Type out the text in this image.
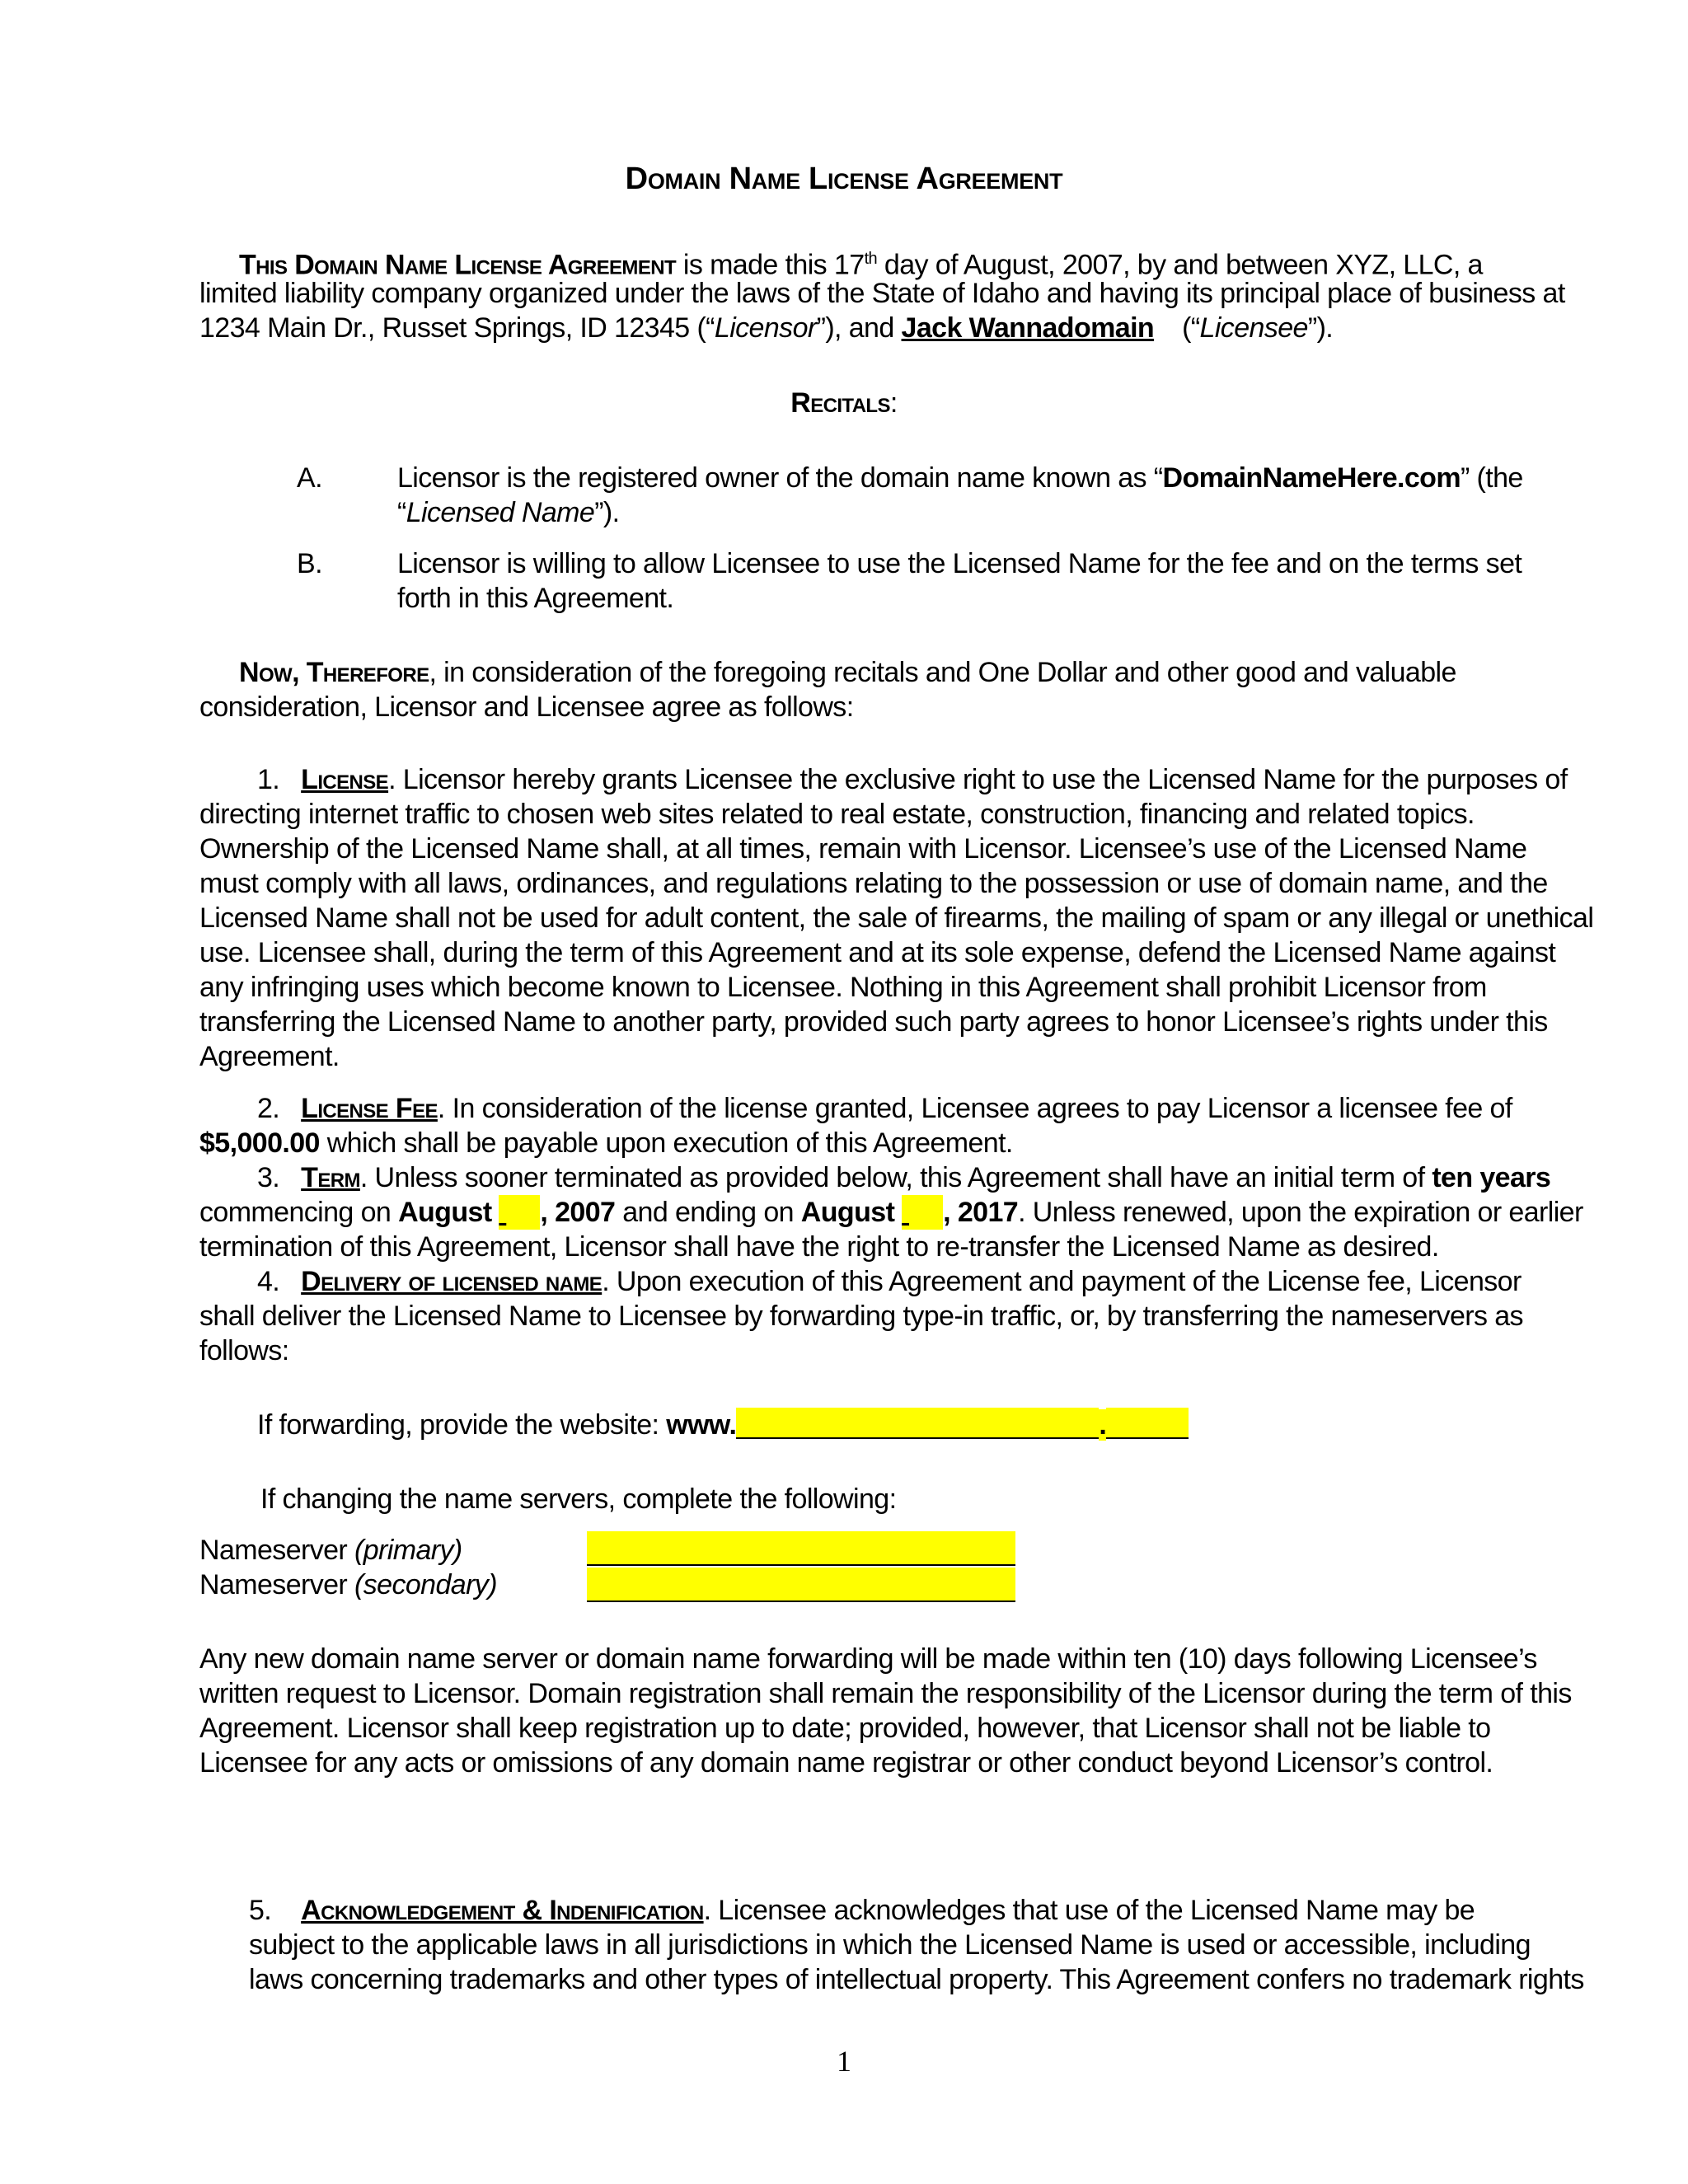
Domain Name License Agreement

This Domain Name License Agreement is made this 17th day of August, 2007, by and between XYZ, LLC, a

limited liability company organized under the laws of the State of Idaho and having its principal place of business at

1234 Main Dr., Russet Springs, ID 12345 (“Licensor”), and Jack Wannadomain (“Licensee”).

Recitals:

A.	Licensor is the registered owner of the domain name known as “DomainNameHere.com” (the

“Licensed Name”).

B.	Licensor is willing to allow Licensee to use the Licensed Name for the fee and on the terms set

forth in this Agreement.

Now, Therefore, in consideration of the foregoing recitals and One Dollar and other good and valuable

consideration, Licensor and Licensee agree as follows:

1. License. Licensor hereby grants Licensee the exclusive right to use the Licensed Name for the purposes of

directing internet traffic to chosen web sites related to real estate, construction, financing and related topics.

Ownership of the Licensed Name shall, at all times, remain with Licensor. Licensee’s use of the Licensed Name

must comply with all laws, ordinances, and regulations relating to the possession or use of domain name, and the

Licensed Name shall not be used for adult content, the sale of firearms, the mailing of spam or any illegal or unethical

use. Licensee shall, during the term of this Agreement and at its sole expense, defend the Licensed Name against

any infringing uses which become known to Licensee. Nothing in this Agreement shall prohibit Licensor from

transferring the Licensed Name to another party, provided such party agrees to honor Licensee’s rights under this

Agreement.

2. License Fee. In consideration of the license granted, Licensee agrees to pay Licensor a licensee fee of

$5,000.00 which shall be payable upon execution of this Agreement.

3. Term. Unless sooner terminated as provided below, this Agreement shall have an initial term of ten years

commencing on August , 2007 and ending on August , 2017. Unless renewed, upon the expiration or earlier

termination of this Agreement, Licensor shall have the right to re-transfer the Licensed Name as desired.

4. Delivery of licensed name. Upon execution of this Agreement and payment of the License fee, Licensor

shall deliver the Licensed Name to Licensee by forwarding type-in traffic, or, by transferring the nameservers as

follows:

If forwarding, provide the website: www.	.

If changing the name servers, complete the following:

Nameserver (primary)

Nameserver (secondary)

Any new domain name server or domain name forwarding will be made within ten (10) days following Licensee’s

written request to Licensor. Domain registration shall remain the responsibility of the Licensor during the term of this

Agreement. Licensor shall keep registration up to date; provided, however, that Licensor shall not be liable to

Licensee for any acts or omissions of any domain name registrar or other conduct beyond Licensor’s control.

5. Acknowledgement & Indenification. Licensee acknowledges that use of the Licensed Name may be

subject to the applicable laws in all jurisdictions in which the Licensed Name is used or accessible, including

laws concerning trademarks and other types of intellectual property. This Agreement confers no trademark rights

1
